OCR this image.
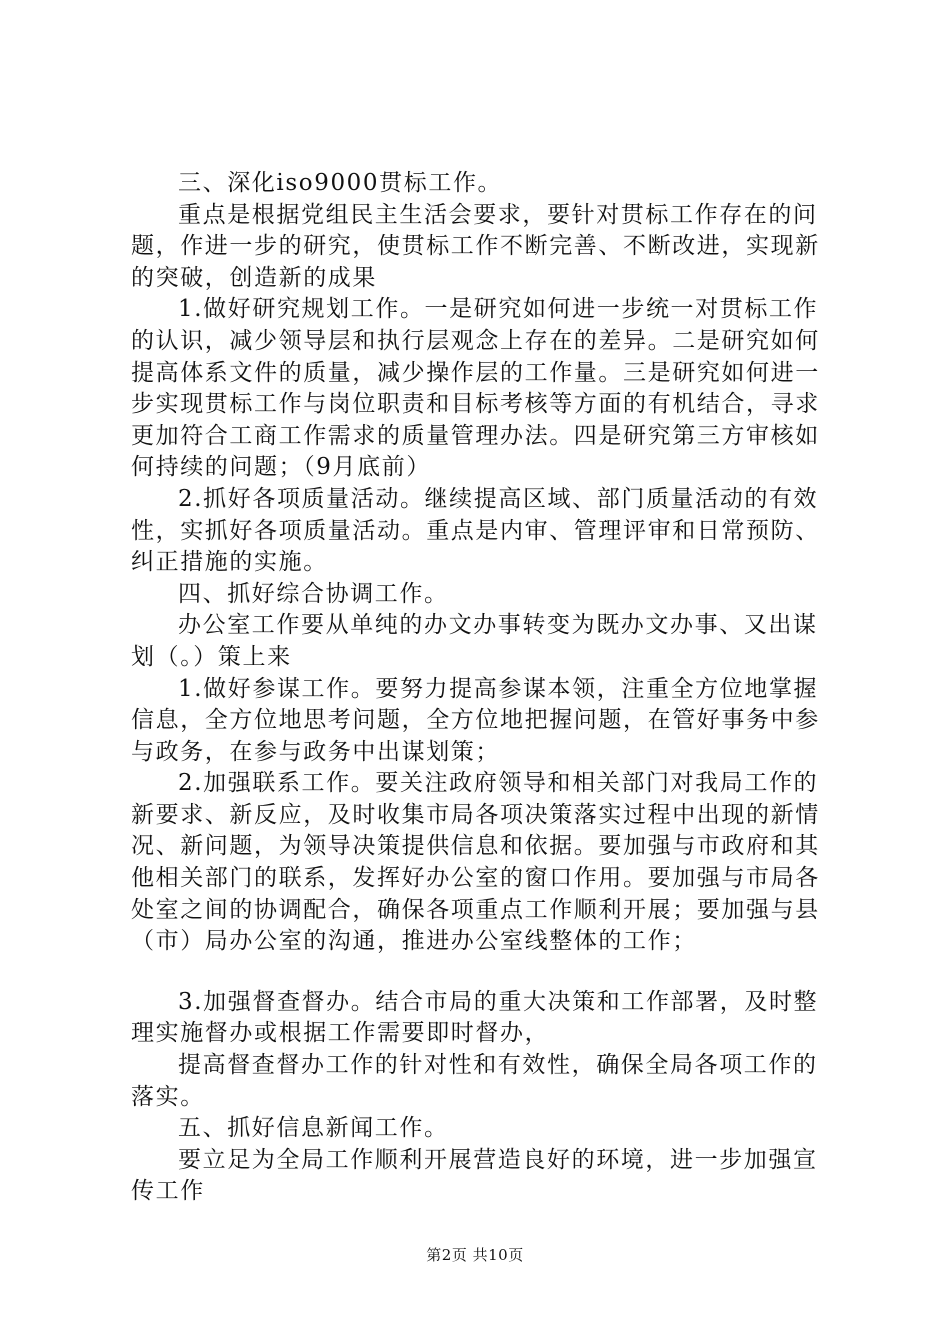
三、深化iso9000贯标工作。

重点是根据党组民主生活会要求，要针对贯标工作存在的问题，作进一步的研究，使贯标工作不断完善、不断改进，实现新的突破，创造新的成果

1.做好研究规划工作。一是研究如何进一步统一对贯标工作的认识，减少领导层和执行层观念上存在的差异。二是研究如何提高体系文件的质量，减少操作层的工作量。三是研究如何进一步实现贯标工作与岗位职责和目标考核等方面的有机结合，寻求更加符合工商工作需求的质量管理办法。四是研究第三方审核如何持续的问题；（9月底前）

2.抓好各项质量活动。继续提高区域、部门质量活动的有效性，实抓好各项质量活动。重点是内审、管理评审和日常预防、纠正措施的实施。

四、抓好综合协调工作。

办公室工作要从单纯的办文办事转变为既办文办事、又出谋划（。）策上来

1.做好参谋工作。要努力提高参谋本领，注重全方位地掌握信息，全方位地思考问题，全方位地把握问题，在管好事务中参与政务，在参与政务中出谋划策；

2.加强联系工作。要关注政府领导和相关部门对我局工作的新要求、新反应，及时收集市局各项决策落实过程中出现的新情况、新问题，为领导决策提供信息和依据。要加强与市政府和其他相关部门的联系，发挥好办公室的窗口作用。要加强与市局各处室之间的协调配合，确保各项重点工作顺利开展；要加强与县（市）局办公室的沟通，推进办公室线整体的工作；

3.加强督查督办。结合市局的重大决策和工作部署，及时整理实施督办或根据工作需要即时督办，

提高督查督办工作的针对性和有效性，确保全局各项工作的落实。

五、抓好信息新闻工作。

要立足为全局工作顺利开展营造良好的环境，进一步加强宣传工作

第2页 共10页
